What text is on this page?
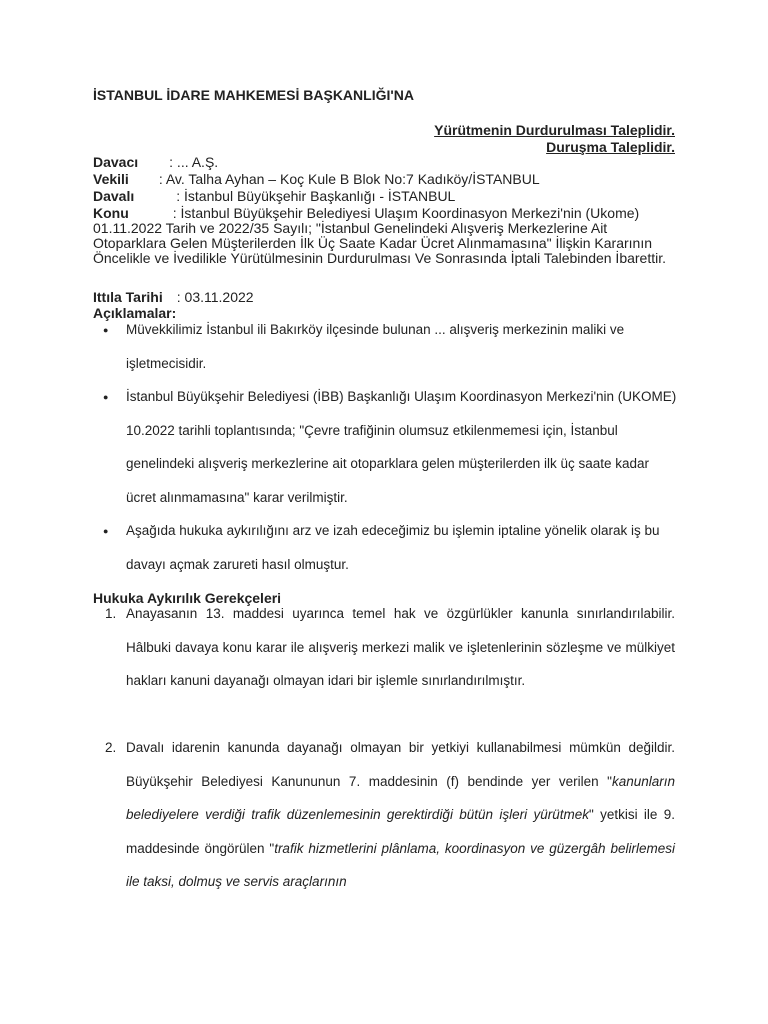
İSTANBUL İDARE MAHKEMESİ BAŞKANLIĞI'NA
Yürütmenin Durdurulması Taleplidir.
Duruşma Taleplidir.
Davacı : ... A.Ş.
Vekili : Av. Talha Ayhan – Koç Kule B Blok No:7 Kadıköy/İSTANBUL
Davalı	: İstanbul Büyükşehir Başkanlığı - İSTANBUL
Konu	: İstanbul Büyükşehir Belediyesi Ulaşım Koordinasyon Merkezi'nin (Ukome) 01.11.2022 Tarih ve 2022/35 Sayılı; "İstanbul Genelindeki Alışveriş Merkezlerine Ait Otoparklara Gelen Müşterilerden İlk Üç Saate Kadar Ücret Alınmamasına" İlişkin Kararının Öncelikle ve İvedilikle Yürütülmesinin Durdurulması Ve Sonrasında İptali Talebinden İbarettir.
Ittıla Tarihi : 03.11.2022
Açıklamalar:
● Müvekkilimiz İstanbul ili Bakırköy ilçesinde bulunan ... alışveriş merkezinin maliki ve işletmecisidir.
● İstanbul Büyükşehir Belediyesi (İBB) Başkanlığı Ulaşım Koordinasyon Merkezi'nin (UKOME) 10.2022 tarihli toplantısında; "Çevre trafiğinin olumsuz etkilenmemesi için, İstanbul genelindeki alışveriş merkezlerine ait otoparklara gelen müşterilerden ilk üç saate kadar ücret alınmamasına" karar verilmiştir.
● Aşağıda hukuka aykırılığını arz ve izah edeceğimiz bu işlemin iptaline yönelik olarak iş bu davayı açmak zarureti hasıl olmuştur.
Hukuka Aykırılık Gerekçeleri
1. Anayasanın 13. maddesi uyarınca temel hak ve özgürlükler kanunla sınırlandırılabilir. Hâlbuki davaya konu karar ile alışveriş merkezi malik ve işletenlerinin sözleşme ve mülkiyet hakları kanuni dayanağı olmayan idari bir işlemle sınırlandırılmıştır.
2. Davalı idarenin kanunda dayanağı olmayan bir yetkiyi kullanabilmesi mümkün değildir. Büyükşehir Belediyesi Kanununun 7. maddesinin (f) bendinde yer verilen "kanunların belediyelere verdiği trafik düzenlemesinin gerektirdiği bütün işleri yürütmek" yetkisi ile 9. maddesinde öngörülen "trafik hizmetlerini plânlama, koordinasyon ve güzergâh belirlemesi ile taksi, dolmuş ve servis araçlarının
